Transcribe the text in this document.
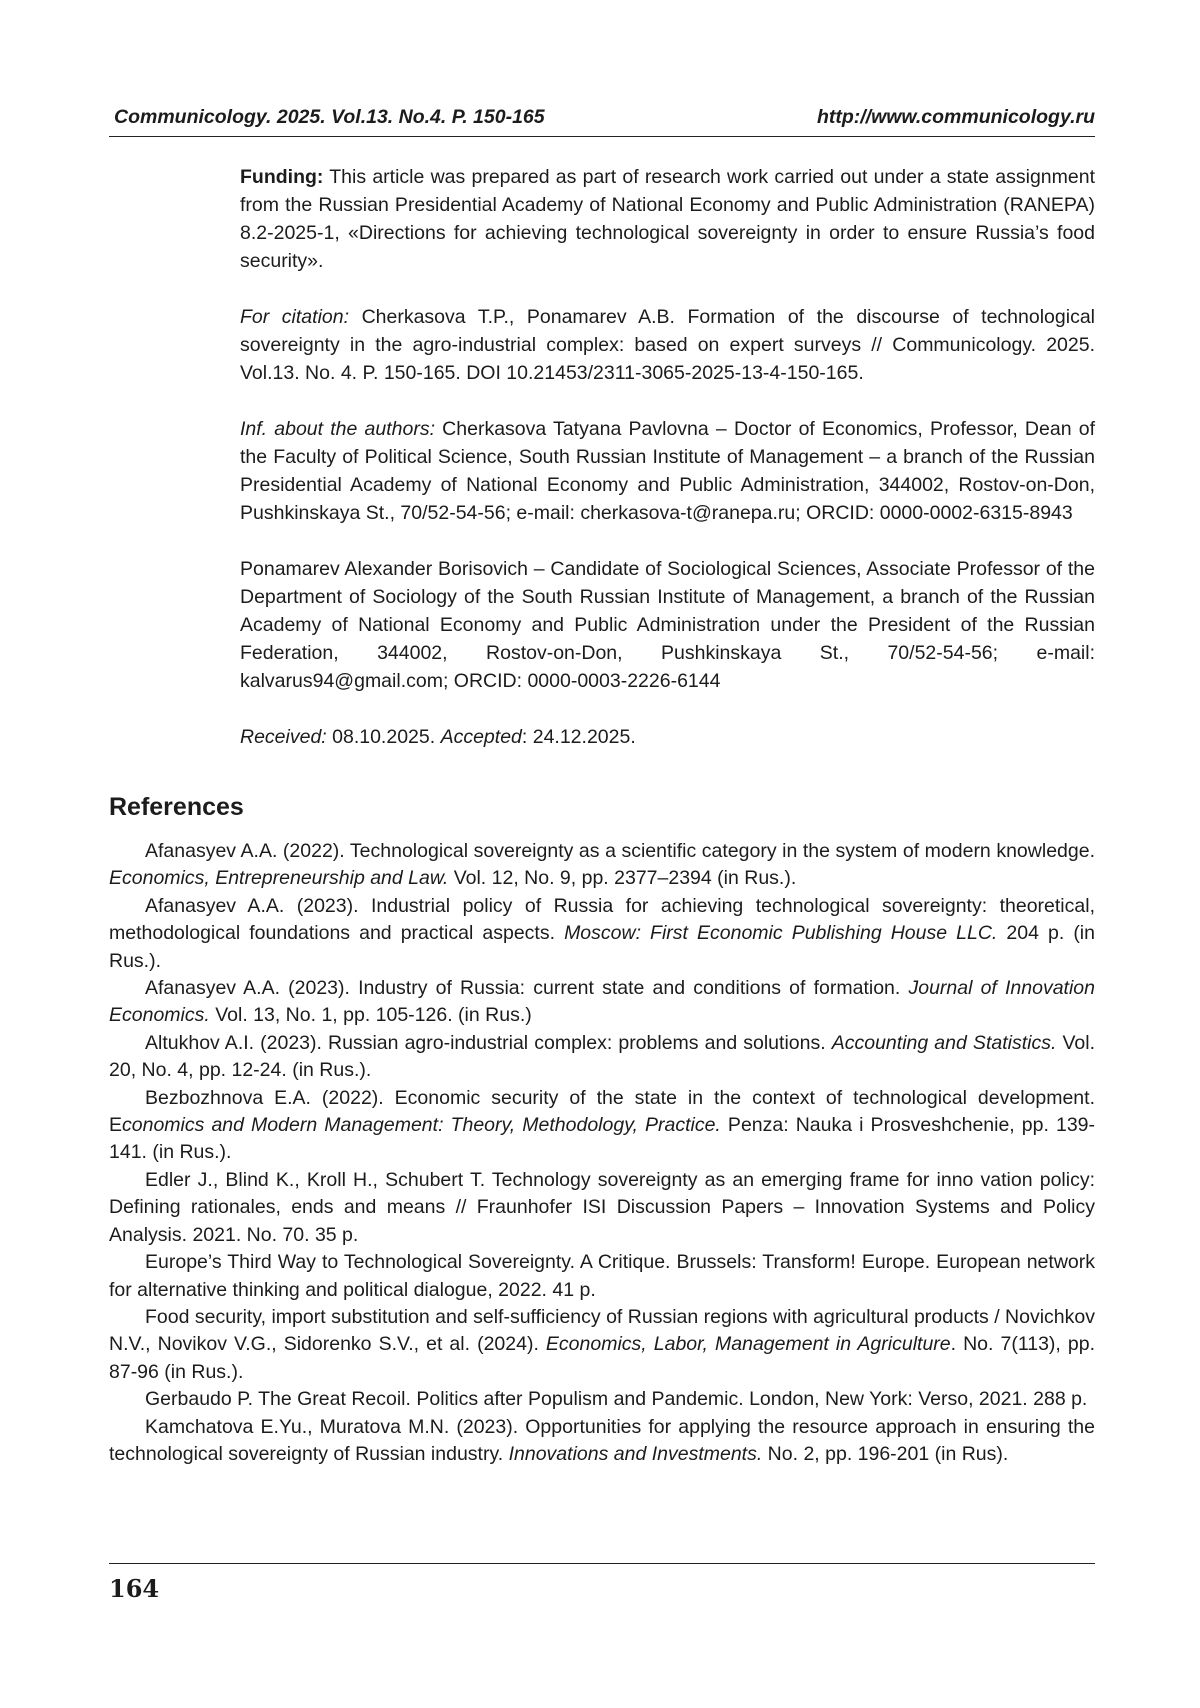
Communicology. 2025. Vol.13. No.4. P. 150-165	http://www.communicology.ru

Funding: This article was prepared as part of research work carried out under a state assignment from the Russian Presidential Academy of National Economy and Public Administration (RANEPA) 8.2-2025-1, «Directions for achieving technological sovereignty in order to ensure Russia’s food security».

For citation: Cherkasova T.P., Ponamarev A.B. Formation of the discourse of technological sovereignty in the agro-industrial complex: based on expert surveys // Communicology. 2025. Vol.13. No. 4. P. 150-165. DOI 10.21453/2311-3065-2025-13-4-150-165.

Inf. about the authors: Cherkasova Tatyana Pavlovna – Doctor of Economics, Professor, Dean of the Faculty of Political Science, South Russian Institute of Management – a branch of the Russian Presidential Academy of National Economy and Public Administration, 344002, Rostov-on-Don, Pushkinskaya St., 70/52-54-56; e-mail: cherkasova-t@ranepa.ru; ORCID: 0000-0002-6315-8943

Ponamarev Alexander Borisovich – Candidate of Sociological Sciences, Associate Professor of the Department of Sociology of the South Russian Institute of Management, a branch of the Russian Academy of National Economy and Public Administration under the President of the Russian Federation, 344002, Rostov-on-Don, Pushkinskaya St., 70/52-54-56; e-mail: kalvarus94@gmail.com; ORCID: 0000-0003-2226-6144

Received: 08.10.2025. Accepted: 24.12.2025.

References

Afanasyev A.A. (2022). Technological sovereignty as a scientific category in the system of modern knowledge. Economics, Entrepreneurship and Law. Vol. 12, No. 9, pp. 2377–2394 (in Rus.).

Afanasyev A.A. (2023). Industrial policy of Russia for achieving technological sovereignty: theoretical, methodological foundations and practical aspects. Moscow: First Economic Publishing House LLC. 204 p. (in Rus.).

Afanasyev A.A. (2023). Industry of Russia: current state and conditions of formation. Journal of Innovation Economics. Vol. 13, No. 1, pp. 105-126. (in Rus.)

Altukhov A.I. (2023). Russian agro-industrial complex: problems and solutions. Accounting and Statistics. Vol. 20, No. 4, pp. 12-24. (in Rus.).

Bezbozhnova E.A. (2022). Economic security of the state in the context of technological development. Economics and Modern Management: Theory, Methodology, Practice. Penza: Nauka i Prosveshchenie, pp. 139-141. (in Rus.).

Edler J., Blind K., Kroll H., Schubert T. Technology sovereignty as an emerging frame for inno vation policy: Defining rationales, ends and means // Fraunhofer ISI Discussion Papers – Innovation Systems and Policy Analysis. 2021. No. 70. 35 p.

Europe’s Third Way to Technological Sovereignty. A Critique. Brussels: Transform! Europe. European network for alternative thinking and political dialogue, 2022. 41 p.

Food security, import substitution and self-sufficiency of Russian regions with agricultural products / Novichkov N.V., Novikov V.G., Sidorenko S.V., et al. (2024). Economics, Labor, Management in Agriculture. No. 7(113), pp. 87-96 (in Rus.).

Gerbaudo P. The Great Recoil. Politics after Populism and Pandemic. London, New York: Verso, 2021. 288 p.

Kamchatova E.Yu., Muratova M.N. (2023). Opportunities for applying the resource approach in ensuring the technological sovereignty of Russian industry. Innovations and Investments. No. 2, pp. 196-201 (in Rus).

164
